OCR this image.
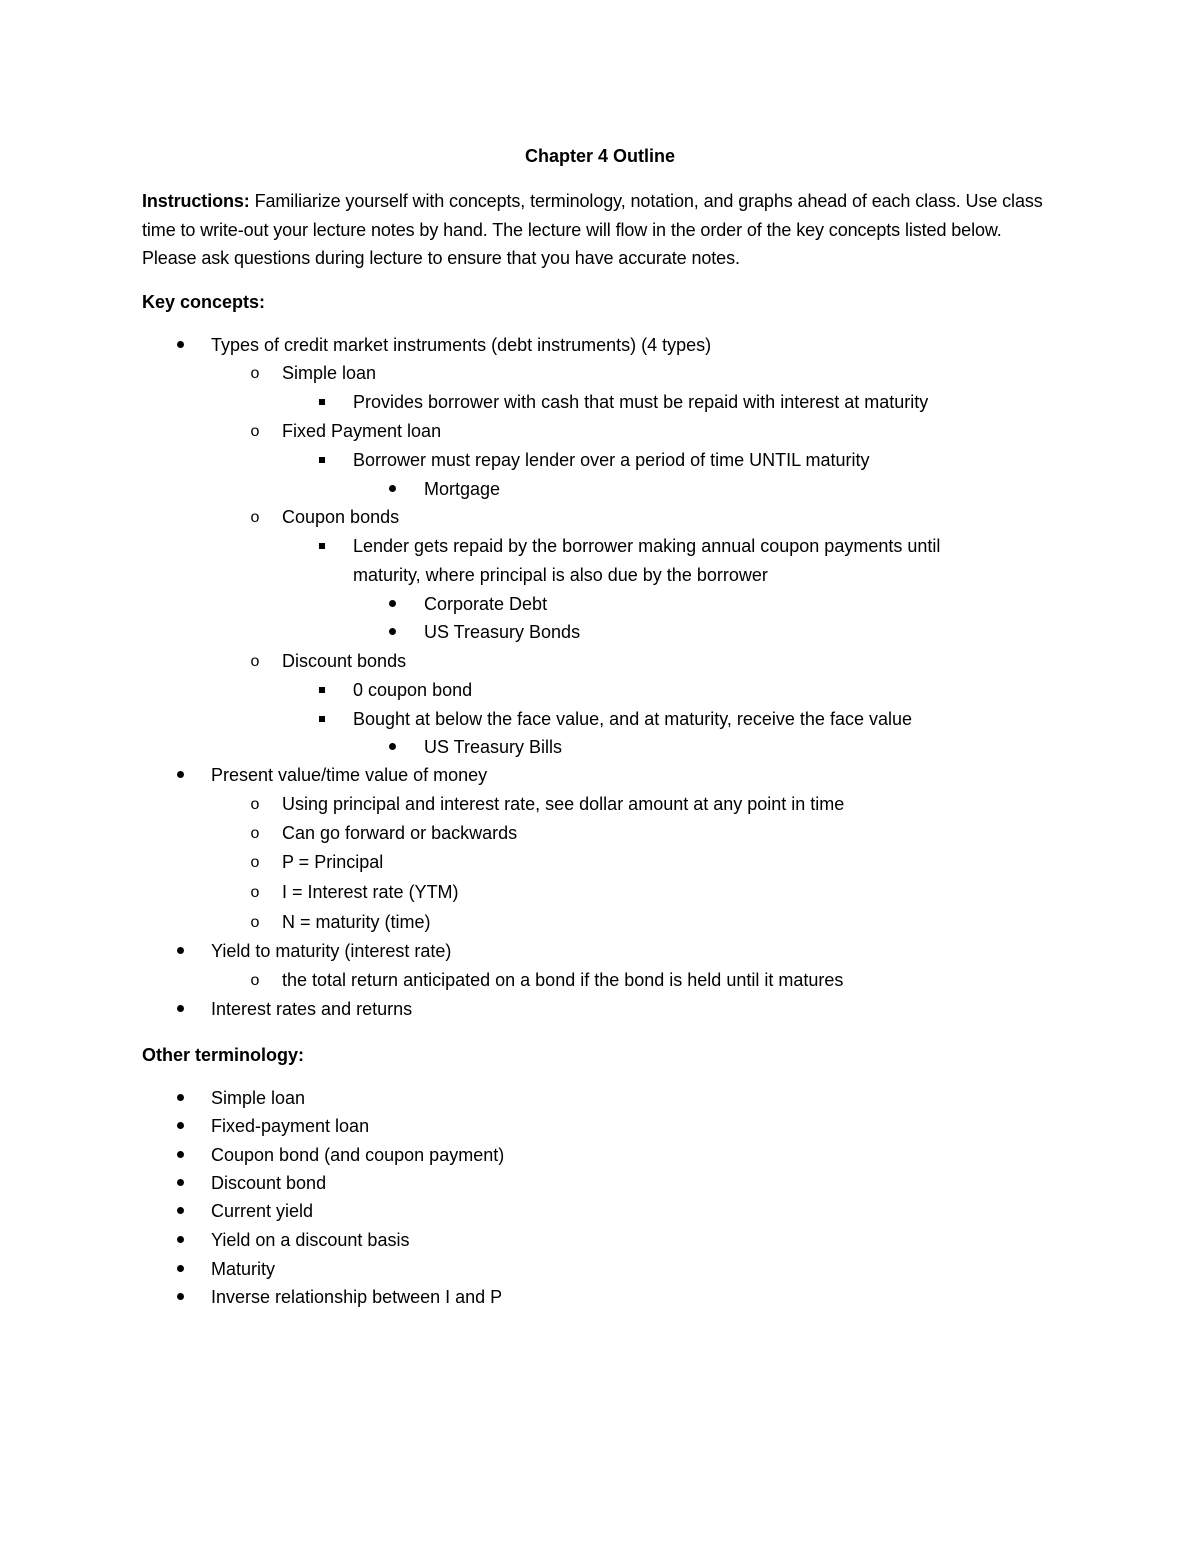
Chapter 4 Outline
Instructions: Familiarize yourself with concepts, terminology, notation, and graphs ahead of each class. Use class time to write-out your lecture notes by hand. The lecture will flow in the order of the key concepts listed below. Please ask questions during lecture to ensure that you have accurate notes.
Key concepts:
Types of credit market instruments (debt instruments) (4 types)
o	Simple loan
Provides borrower with cash that must be repaid with interest at maturity
o	Fixed Payment loan
Borrower must repay lender over a period of time UNTIL maturity
Mortgage
o	Coupon bonds
Lender gets repaid by the borrower making annual coupon payments until maturity, where principal is also due by the borrower
Corporate Debt
US Treasury Bonds
o	Discount bonds
0 coupon bond
Bought at below the face value, and at maturity, receive the face value
US Treasury Bills
Present value/time value of money
o	Using principal and interest rate, see dollar amount at any point in time
o	Can go forward or backwards
o	P = Principal
o	I = Interest rate (YTM)
o	N = maturity (time)
Yield to maturity (interest rate)
o	the total return anticipated on a bond if the bond is held until it matures
Interest rates and returns
Other terminology:
Simple loan
Fixed-payment loan
Coupon bond (and coupon payment)
Discount bond
Current yield
Yield on a discount basis
Maturity
Inverse relationship between I and P
